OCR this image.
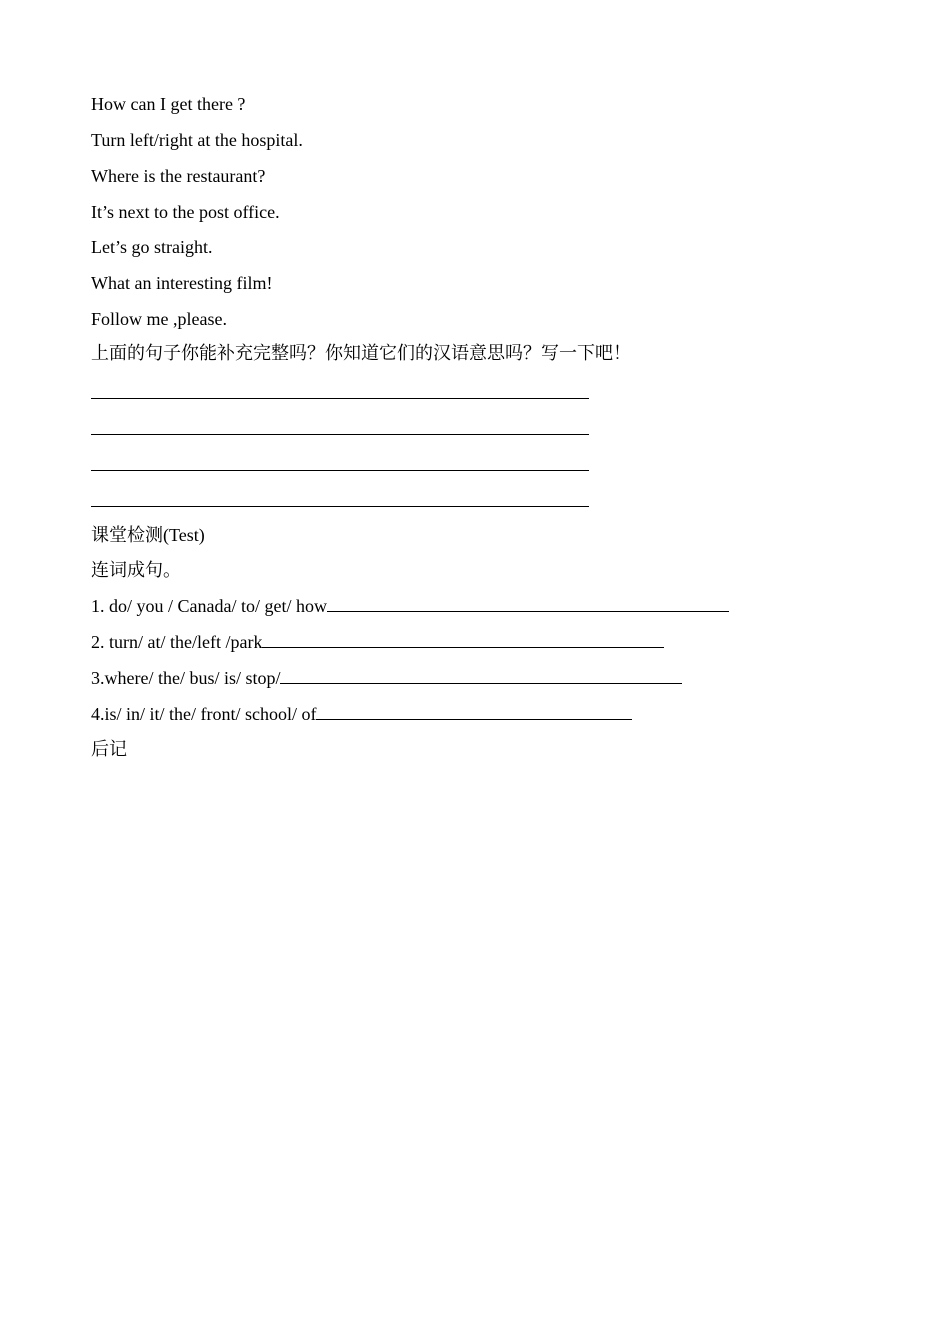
How can I get there ?
Turn left/right at the hospital.
Where is the restaurant?
It’s next to the post office.
Let’s go straight.
What an interesting film!
Follow me ,please.
上面的句子你能补充完整吗？你知道它们的汉语意思吗？写一下吧！
课堂检测(Test)
连词成句。
1. do/ you / Canada/ to/ get/ how
2. turn/ at/ the/left /park
3.where/ the/ bus/ is/ stop/
4.is/ in/ it/ the/ front/ school/ of
后记
